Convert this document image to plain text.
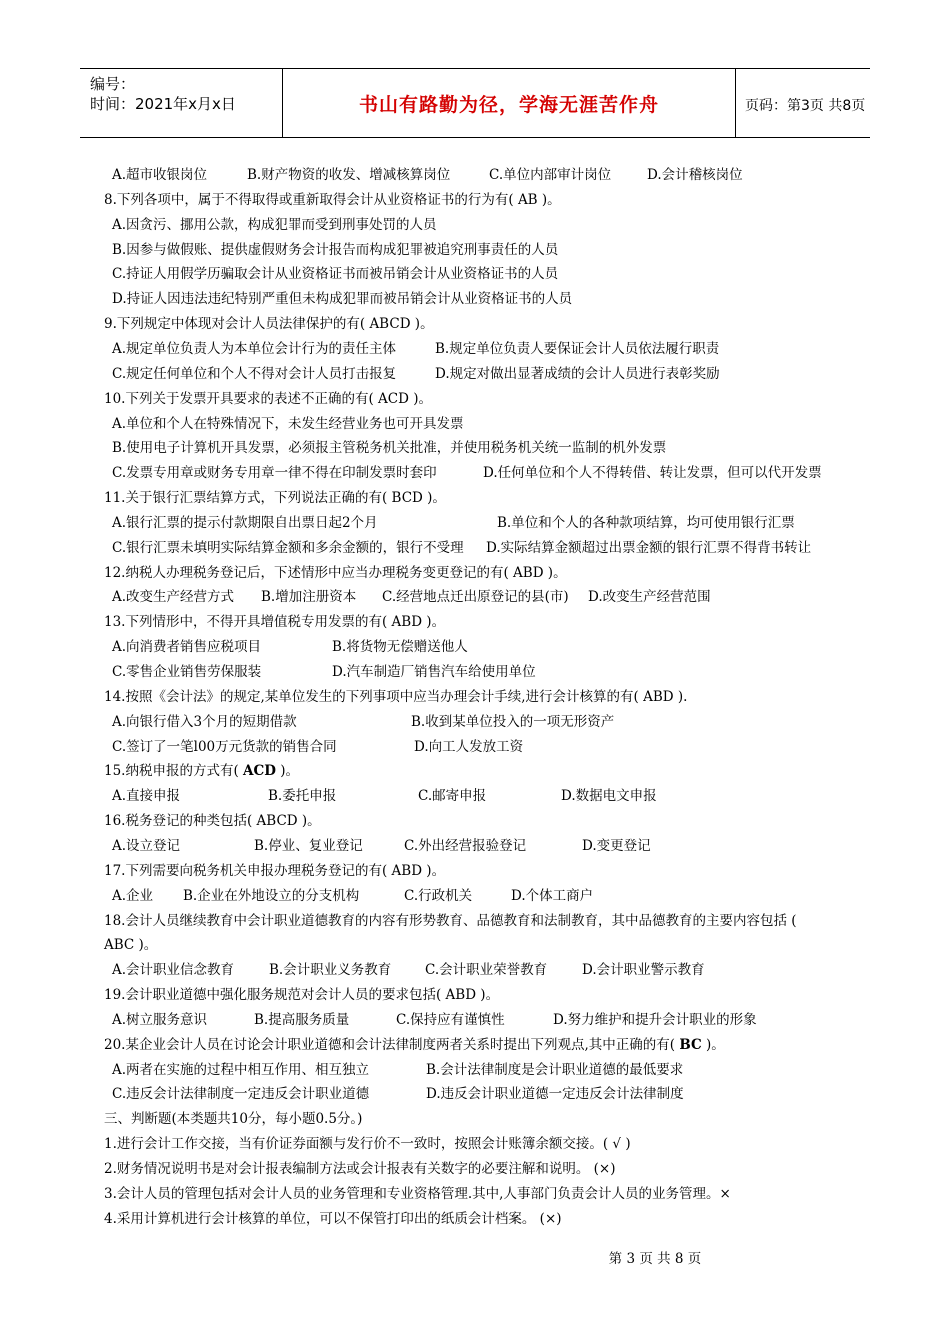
编号：
时间：2021年x月x日	书山有路勤为径，学海无涯苦作舟	页码：第3页 共8页
A.超市收银岗位	B.财产物资的收发、增减核算岗位	C.单位内部审计岗位	D.会计稽核岗位
8.下列各项中，属于不得取得或重新取得会计从业资格证书的行为有( AB )。
A.因贪污、挪用公款，构成犯罪而受到刑事处罚的人员
B.因参与做假账、提供虚假财务会计报告而构成犯罪被追究刑事责任的人员
C.持证人用假学历骗取会计从业资格证书而被吊销会计从业资格证书的人员
D.持证人因违法违纪特别严重但未构成犯罪而被吊销会计从业资格证书的人员
9.下列规定中体现对会计人员法律保护的有( ABCD )。
A.规定单位负责人为本单位会计行为的责任主体	B.规定单位负责人要保证会计人员依法履行职责
C.规定任何单位和个人不得对会计人员打击报复	D.规定对做出显著成绩的会计人员进行表彰奖励
10.下列关于发票开具要求的表述不正确的有( ACD )。
A.单位和个人在特殊情况下，未发生经营业务也可开具发票
B.使用电子计算机开具发票，必须报主管税务机关批准，并使用税务机关统一监制的机外发票
C.发票专用章或财务专用章一律不得在印制发票时套印	D.任何单位和个人不得转借、转让发票，但可以代开发票
11.关于银行汇票结算方式，下列说法正确的有( BCD )。
A.银行汇票的提示付款期限自出票日起2个月	B.单位和个人的各种款项结算，均可使用银行汇票
C.银行汇票未填明实际结算金额和多余金额的，银行不受理 D.实际结算金额超过出票金额的银行汇票不得背书转让
12.纳税人办理税务登记后，下述情形中应当办理税务变更登记的有( ABD )。
A.改变生产经营方式 B.增加注册资本 C.经营地点迁出原登记的县(市) D.改变生产经营范围
13.下列情形中，不得开具增值税专用发票的有( ABD )。
A.向消费者销售应税项目	B.将货物无偿赠送他人
C.零售企业销售劳保服装	D.汽车制造厂销售汽车给使用单位
14.按照《会计法》的规定,某单位发生的下列事项中应当办理会计手续,进行会计核算的有( ABD ).
A.向银行借入3个月的短期借款	B.收到某单位投入的一项无形资产
C.签订了一笔l00万元货款的销售合同	D.向工人发放工资
15.纳税申报的方式有( ACD )。
A.直接申报	B.委托申报	C.邮寄申报	D.数据电文申报
16.税务登记的种类包括( ABCD )。
A.设立登记	B.停业、复业登记	C.外出经营报验登记	D.变更登记
17.下列需要向税务机关申报办理税务登记的有( ABD )。
A.企业 B.企业在外地设立的分支机构	C.行政机关	D.个体工商户
18.会计人员继续教育中会计职业道德教育的内容有形势教育、品德教育和法制教育，其中品德教育的主要内容包括 (
ABC )。
A.会计职业信念教育	B.会计职业义务教育	C.会计职业荣誉教育	D.会计职业警示教育
19.会计职业道德中强化服务规范对会计人员的要求包括( ABD )。
A.树立服务意识	B.提高服务质量	C.保持应有谨慎性	D.努力维护和提升会计职业的形象
20.某企业会计人员在讨论会计职业道德和会计法律制度两者关系时提出下列观点,其中正确的有( BC )。
A.两者在实施的过程中相互作用、相互独立	B.会计法律制度是会计职业道德的最低要求
C.违反会计法律制度一定违反会计职业道德	D.违反会计职业道德一定违反会计法律制度
三、判断题(本类题共10分，每小题0.5分。)
1.进行会计工作交接，当有价证券面额与发行价不一致时，按照会计账簿余额交接。( √ )
2.财务情况说明书是对会计报表编制方法或会计报表有关数字的必要注解和说明。 (×)
3.会计人员的管理包括对会计人员的业务管理和专业资格管理.其中,人事部门负责会计人员的业务管理。×
4.采用计算机进行会计核算的单位，可以不保管打印出的纸质会计档案。 (×)
第 3 页 共 8 页
